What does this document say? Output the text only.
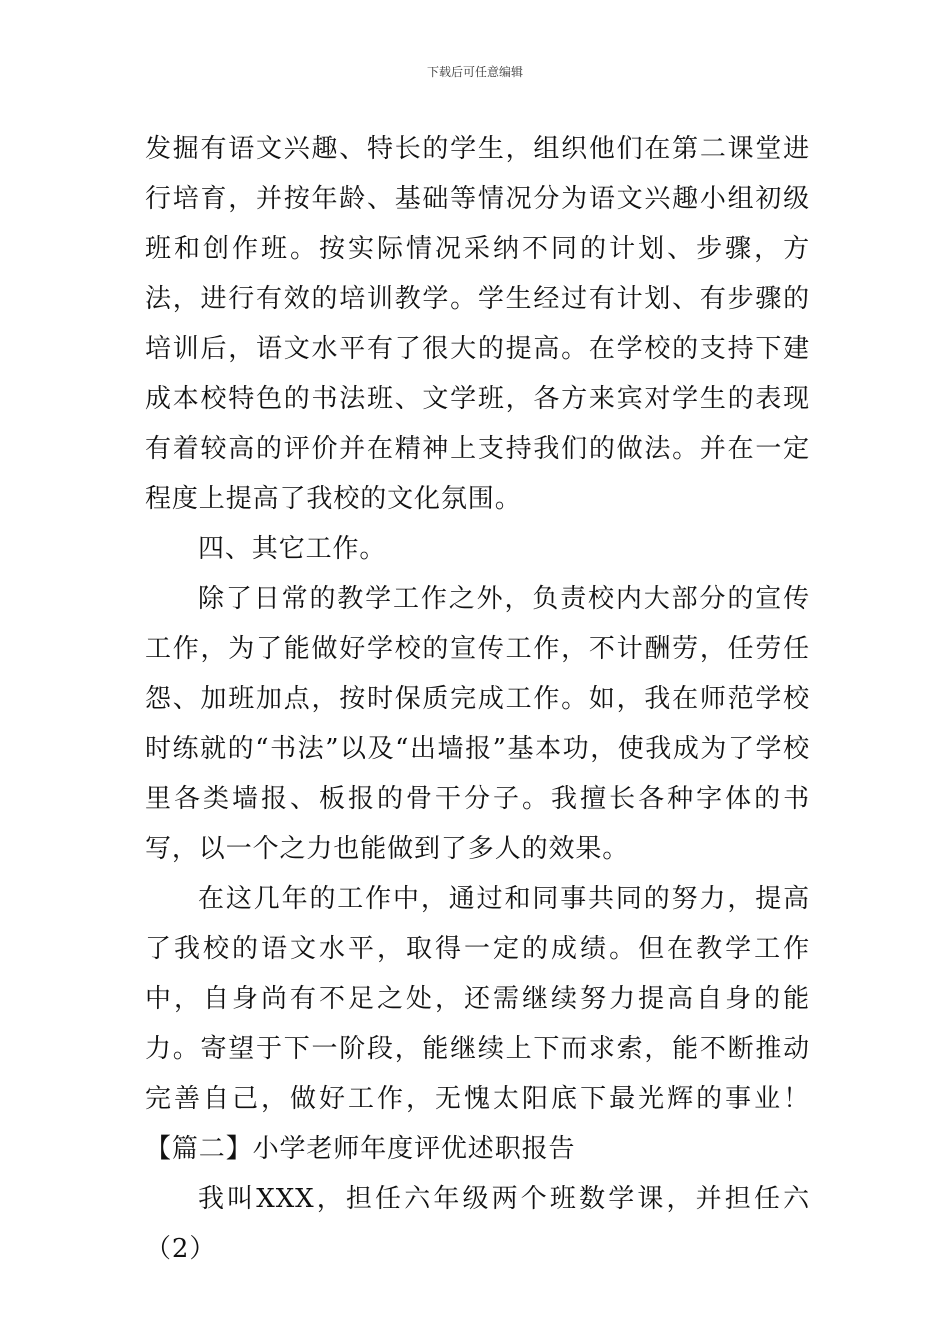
下载后可任意编辑

发掘有语文兴趣、特长的学生，组织他们在第二课堂进行培育，并按年龄、基础等情况分为语文兴趣小组初级班和创作班。按实际情况采纳不同的计划、步骤，方法，进行有效的培训教学。学生经过有计划、有步骤的培训后，语文水平有了很大的提高。在学校的支持下建成本校特色的书法班、文学班，各方来宾对学生的表现有着较高的评价并在精神上支持我们的做法。并在一定程度上提高了我校的文化氛围。

四、其它工作。

除了日常的教学工作之外，负责校内大部分的宣传工作，为了能做好学校的宣传工作，不计酬劳，任劳任怨、加班加点，按时保质完成工作。如，我在师范学校时练就的“书法”以及“出墙报”基本功，使我成为了学校里各类墙报、板报的骨干分子。我擅长各种字体的书写，以一个之力也能做到了多人的效果。

在这几年的工作中，通过和同事共同的努力，提高了我校的语文水平，取得一定的成绩。但在教学工作中，自身尚有不足之处，还需继续努力提高自身的能力。寄望于下一阶段，能继续上下而求索，能不断推动完善自己，做好工作，无愧太阳底下最光辉的事业！【篇二】小学老师年度评优述职报告

我叫XXX，担任六年级两个班数学课，并担任六（2）
